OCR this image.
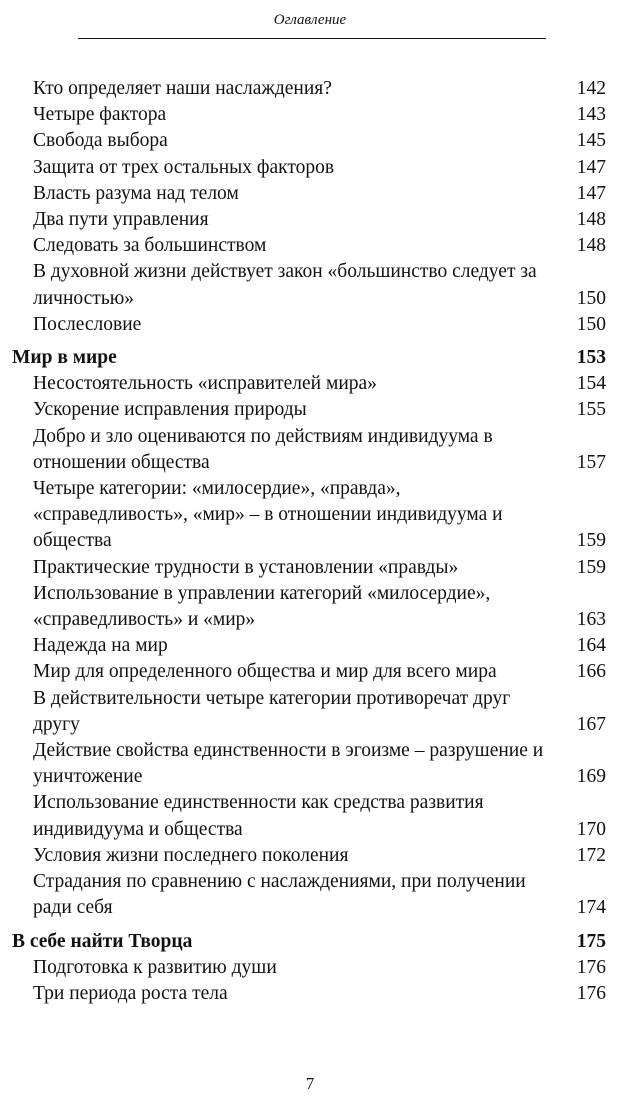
Оглавление
Кто определяет наши наслаждения?	142
Четыре фактора	143
Свобода выбора	145
Защита от трех остальных факторов	147
Власть разума над телом	147
Два пути управления	148
Следовать за большинством	148
В духовной жизни действует закон «большинство следует за личностью»	150
Послесловие	150
Мир в мире	153
Несостоятельность «исправителей мира»	154
Ускорение исправления природы	155
Добро и зло оцениваются по действиям индивидуума в отношении общества	157
Четыре категории: «милосердие», «правда», «справедливость», «мир» – в отношении индивидуума и общества	159
Практические трудности в установлении «правды»	159
Использование в управлении категорий «милосердие», «справедливость» и «мир»	163
Надежда на мир	164
Мир для определенного общества и мир для всего мира	166
В действительности четыре категории противоречат друг другу	167
Действие свойства единственности в эгоизме – разрушение и уничтожение	169
Использование единственности как средства развития индивидуума и общества	170
Условия жизни последнего поколения	172
Страдания по сравнению с наслаждениями, при получении ради себя	174
В себе найти Творца	175
Подготовка к развитию души	176
Три периода роста тела	176
7
